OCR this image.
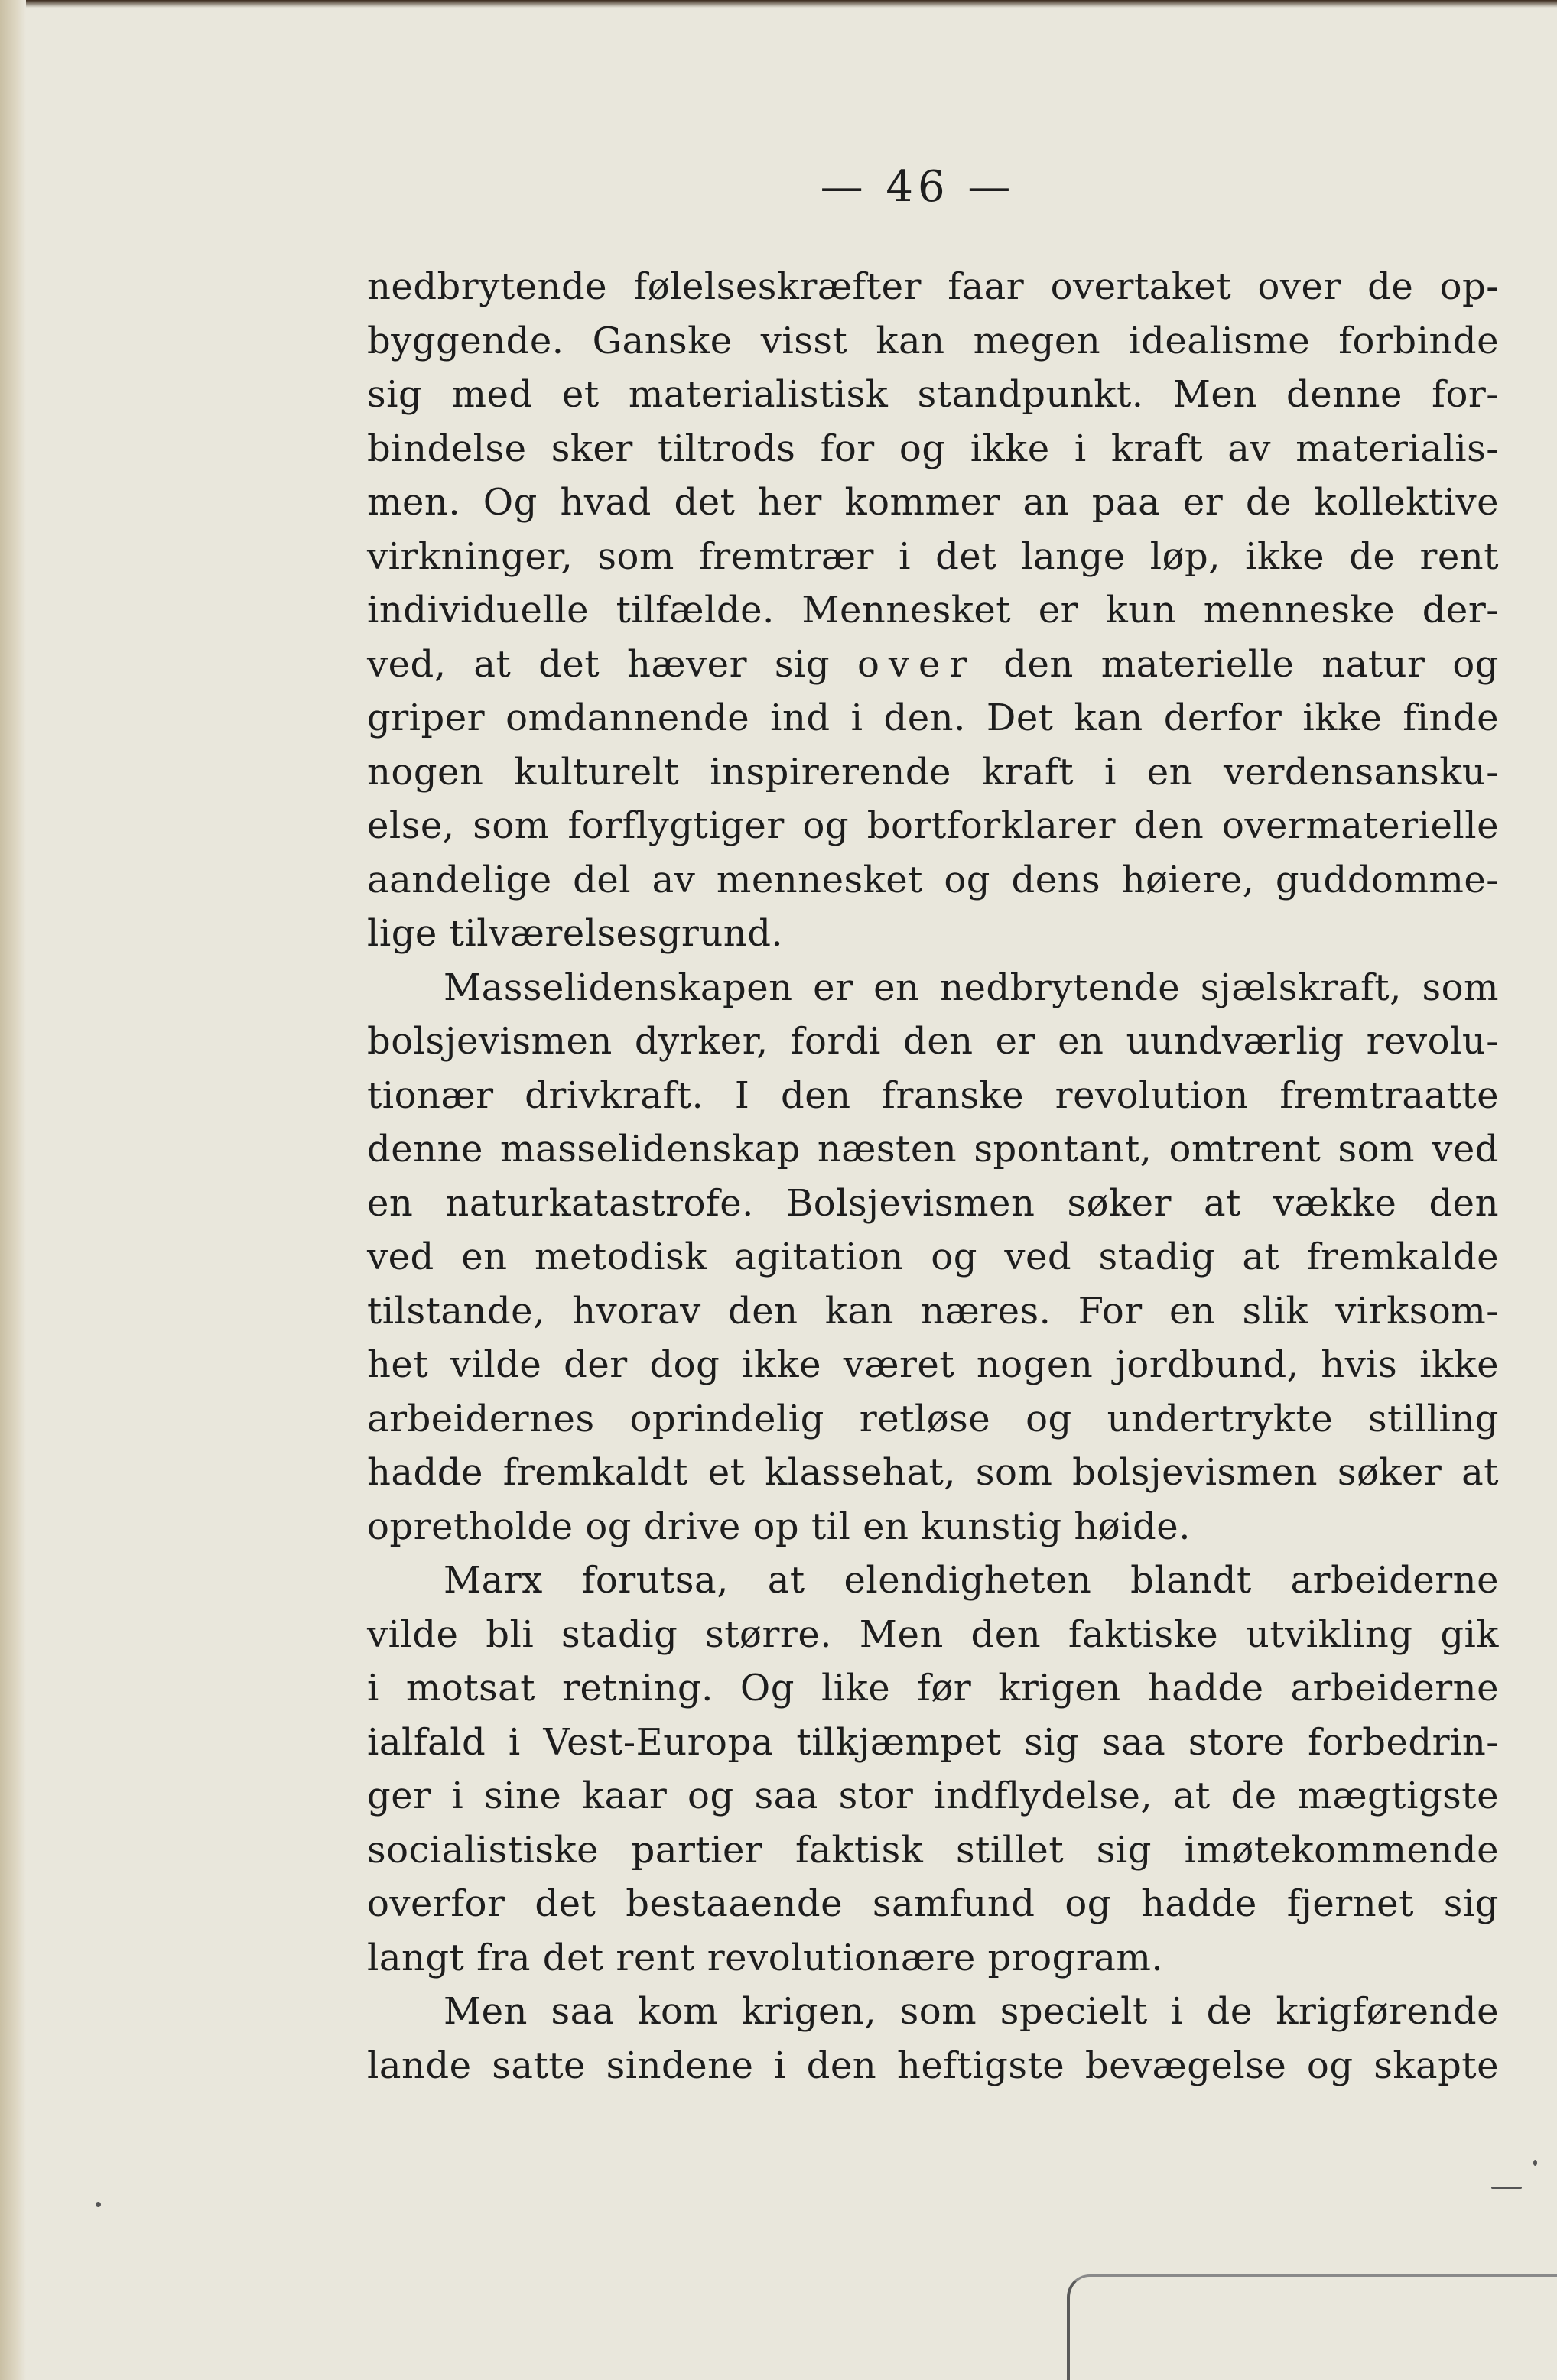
— 46 —
nedbrytende følelseskræfter faar overtaket over de op-
byggende. Ganske visst kan megen idealisme forbinde
sig med et materialistisk standpunkt. Men denne for-
bindelse sker tiltrods for og ikke i kraft av materialis-
men. Og hvad det her kommer an paa er de kollektive
virkninger, som fremtrær i det lange løp, ikke de rent
individuelle tilfælde. Mennesket er kun menneske der-
ved, at det hæver sig over den materielle natur og
griper omdannende ind i den. Det kan derfor ikke finde
nogen kulturelt inspirerende kraft i en verdensansku-
else, som forflygtiger og bortforklarer den overmaterielle
aandelige del av mennesket og dens høiere, guddomme-
lige tilværelsesgrund.
Masselidenskapen er en nedbrytende sjælskraft, som
bolsjevismen dyrker, fordi den er en uundværlig revolu-
tionær drivkraft. I den franske revolution fremtraatte
denne masselidenskap næsten spontant, omtrent som ved
en naturkatastrofe. Bolsjevismen søker at vække den
ved en metodisk agitation og ved stadig at fremkalde
tilstande, hvorav den kan næres. For en slik virksom-
het vilde der dog ikke været nogen jordbund, hvis ikke
arbeidernes oprindelig retløse og undertrykte stilling
hadde fremkaldt et klassehat, som bolsjevismen søker at
opretholde og drive op til en kunstig høide.
Marx forutsa, at elendigheten blandt arbeiderne
vilde bli stadig større. Men den faktiske utvikling gik
i motsat retning. Og like før krigen hadde arbeiderne
ialfald i Vest-Europa tilkjæmpet sig saa store forbedrin-
ger i sine kaar og saa stor indflydelse, at de mægtigste
socialistiske partier faktisk stillet sig imøtekommende
overfor det bestaaende samfund og hadde fjernet sig
langt fra det rent revolutionære program.
Men saa kom krigen, som specielt i de krigførende
lande satte sindene i den heftigste bevægelse og skapte
